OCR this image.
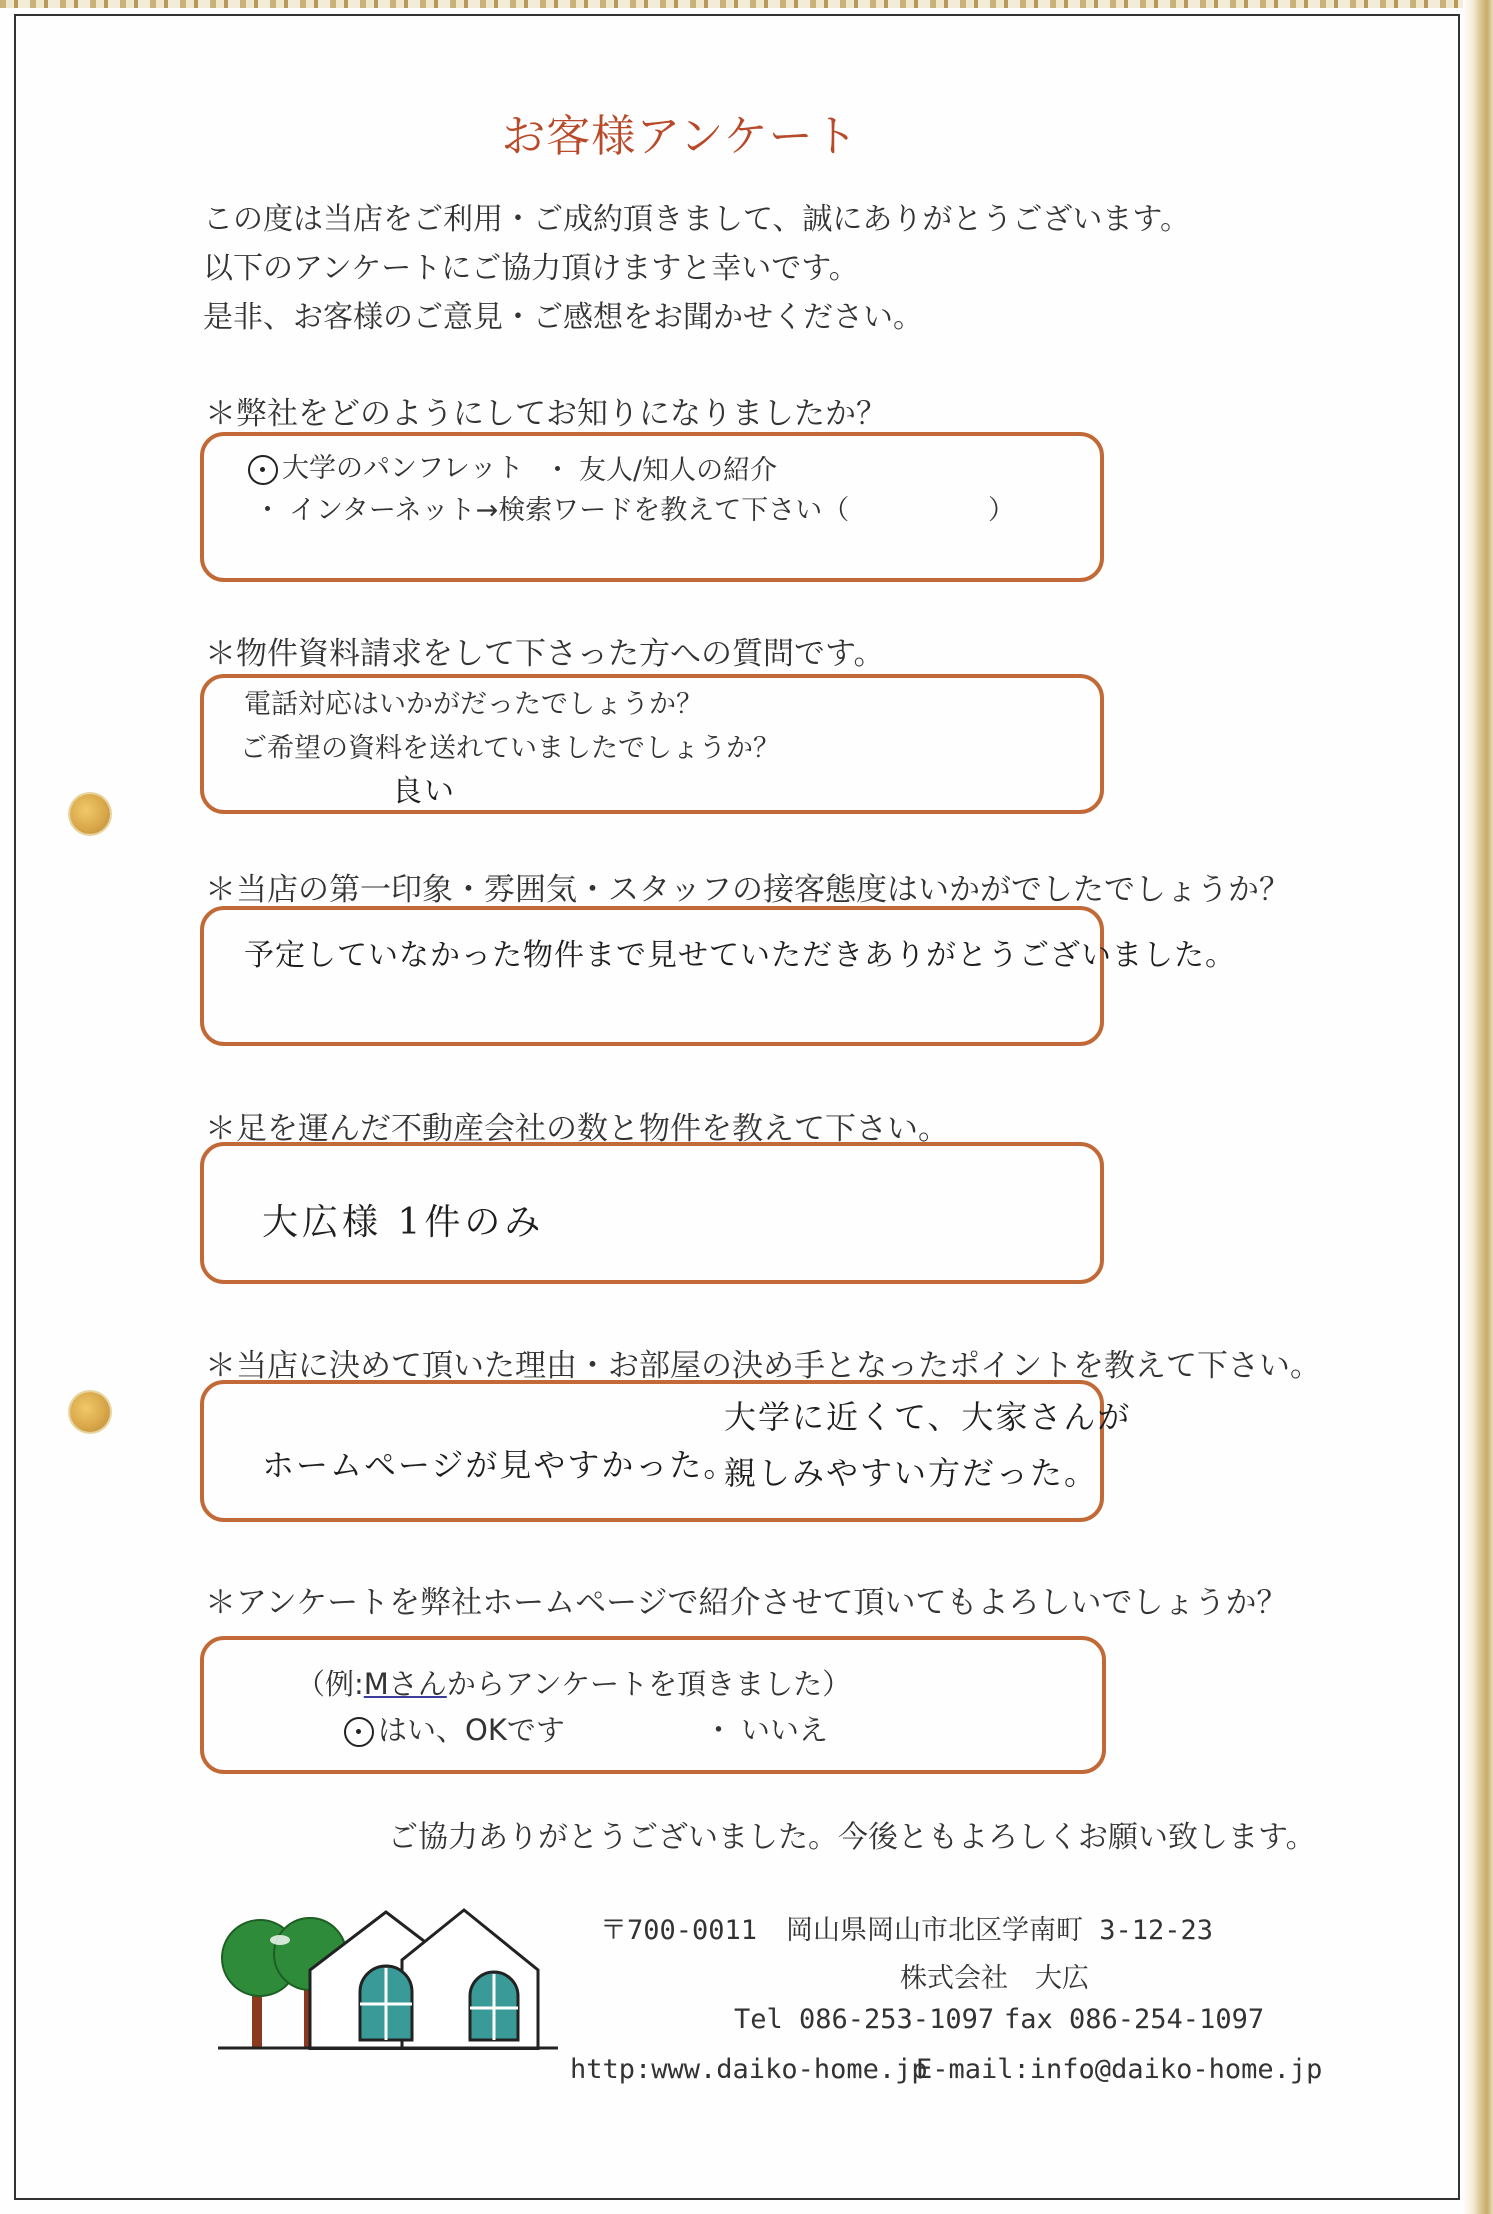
お客様アンケート
この度は当店をご利用・ご成約頂きまして、誠にありがとうございます。
以下のアンケートにご協力頂けますと幸いです。
是非、お客様のご意見・ご感想をお聞かせください。
＊弊社をどのようにしてお知りになりましたか？
大学のパンフレット ・ 友人/知人の紹介
・ インターネット→検索ワードを教えて下さい（	）
＊物件資料請求をして下さった方への質問です。
電話対応はいかがだったでしょうか？
ご希望の資料を送れていましたでしょうか？
良い
＊当店の第一印象・雰囲気・スタッフの接客態度はいかがでしたでしょうか？
予定していなかった物件まで見せていただきありがとうございました。
＊足を運んだ不動産会社の数と物件を教えて下さい。
大広様 1件のみ
＊当店に決めて頂いた理由・お部屋の決め手となったポイントを教えて下さい。
ホームページが見やすかった。
大学に近くて、大家さんが
親しみやすい方だった。
＊アンケートを弊社ホームページで紹介させて頂いてもよろしいでしょうか？
（例:Mさんからアンケートを頂きました）
はい、OKです	・ いいえ
ご協力ありがとうございました。今後ともよろしくお願い致します。
〒700-0011 岡山県岡山市北区学南町 3-12-23
株式会社　大広
Tel 086-253-1097 fax 086-254-1097
http:www.daiko-home.jp
E-mail:info@daiko-home.jp
